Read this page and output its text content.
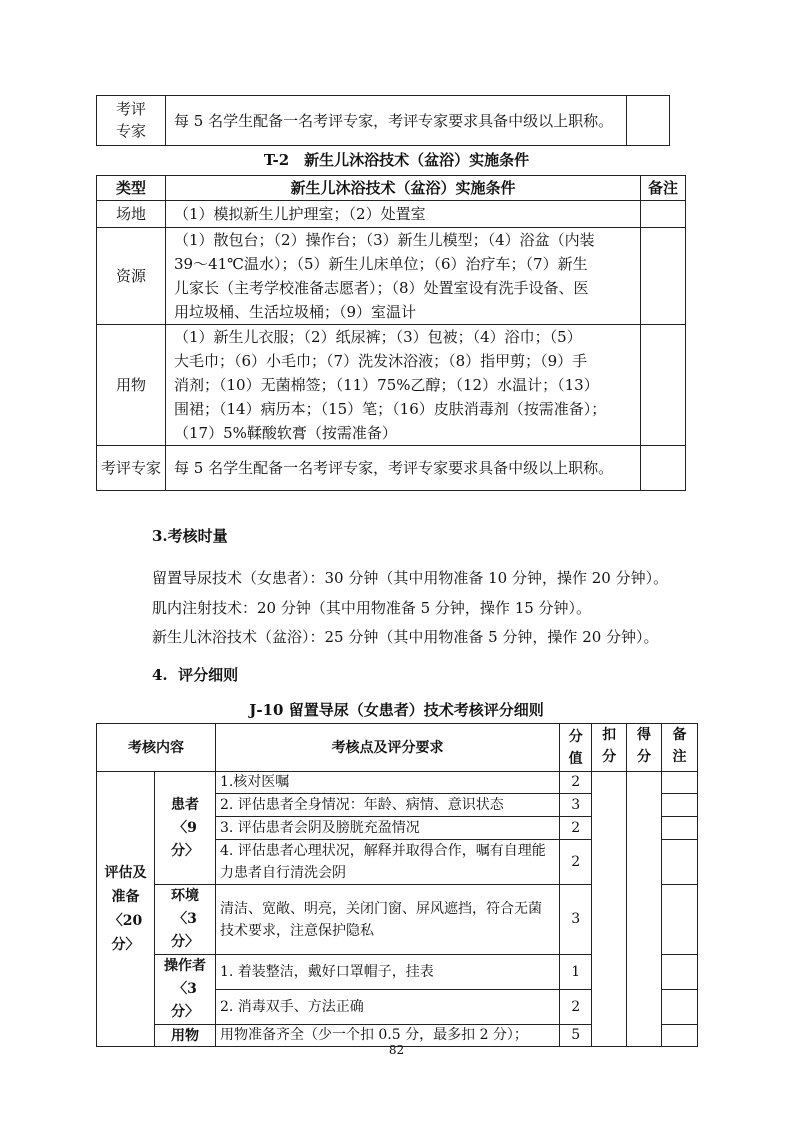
考评专家	每 5 名学生配备一名考评专家，考评专家要求具备中级以上职称。	
T-2　新生儿沐浴技术（盆浴）实施条件
类型	新生儿沐浴技术（盆浴）实施条件	备注
场地	（1）模拟新生儿护理室；（2）处置室	

资源	（1）散包台；（2）操作台；（3）新生儿模型；（4）浴盆（内装
39～41℃温水）；（5）新生儿床单位；（6）治疗车；（7）新生
儿家长（主考学校准备志愿者）；（8）处置室设有洗手设备、医
用垃圾桶、生活垃圾桶；（9）室温计	

用物	（1）新生儿衣服；（2）纸尿裤；（3）包被；（4）浴巾；（5）
大毛巾；（6）小毛巾；（7）洗发沐浴液；（8）指甲剪；（9）手
消剂；（10）无菌棉签；（11）75%乙醇；（12）水温计；（13）
围裙；（14）病历本；（15）笔；（16）皮肤消毒剂（按需准备）；
（17）5%鞣酸软膏（按需准备）	

考评专家	每 5 名学生配备一名考评专家，考评专家要求具备中级以上职称。	

3.考核时量
留置导尿技术（女患者）：30 分钟（其中用物准备 10 分钟，操作 20 分钟）。
肌内注射技术：20 分钟（其中用物准备 5 分钟，操作 15 分钟）。
新生儿沐浴技术（盆浴）：25 分钟（其中用物准备 5 分钟，操作 20 分钟）。
4.  评分细则
J-10 留置导尿（女患者）技术考核评分细则
考核内容		考核点及评分要求	分值	扣分	得分	备注
评估及准备〈20 分〉	患者〈9 分〉	1.核对医嘱	2			
		2. 评估患者全身情况：年龄、病情、意识状态	3			
		3. 评估患者会阴及膀胱充盈情况	2			
		4. 评估患者心理状况，解释并取得合作，嘱有自理能力患者自行清洗会阴	2			
	环境〈3 分〉	清洁、宽敞、明亮，关闭门窗、屏风遮挡，符合无菌技术要求，注意保护隐私	3			
	操作者〈3 分〉	1. 着装整洁，戴好口罩帽子，挂表	1			
		2. 消毒双手、方法正确	2			
	用物	用物准备齐全（少一个扣 0.5 分，最多扣 2 分）；	5			
82
